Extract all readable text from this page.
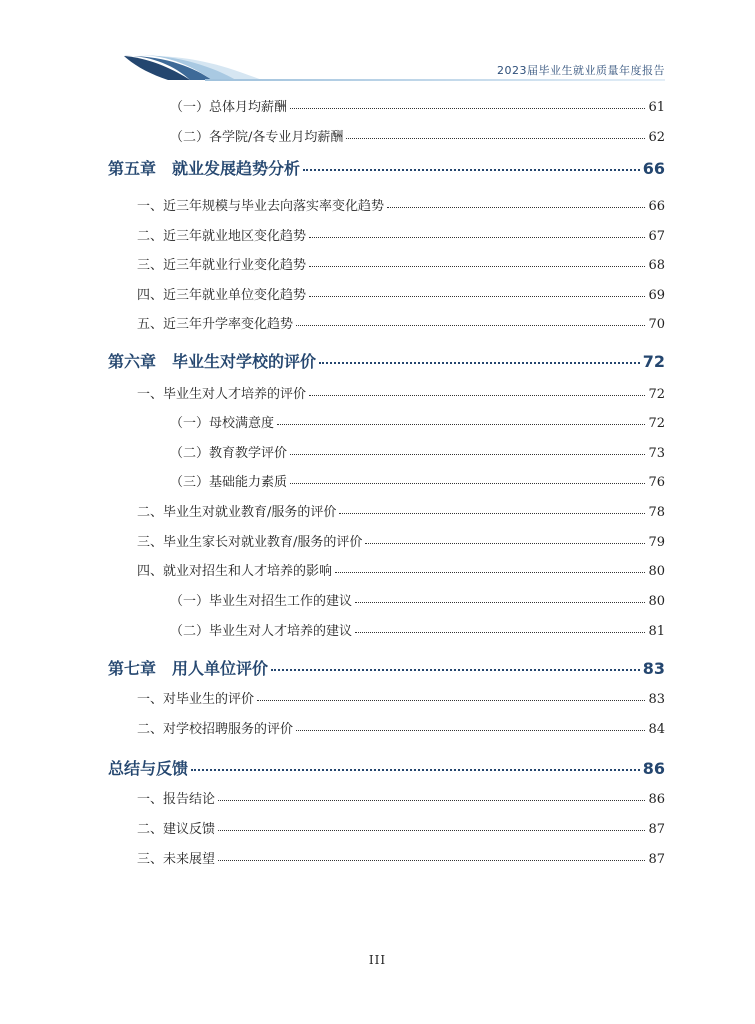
2023届毕业生就业质量年度报告
（一）总体月均薪酬	61
（二）各学院/各专业月均薪酬	62
第五章　就业发展趋势分析	66
一、近三年规模与毕业去向落实率变化趋势	66
二、近三年就业地区变化趋势	67
三、近三年就业行业变化趋势	68
四、近三年就业单位变化趋势	69
五、近三年升学率变化趋势	70
第六章　毕业生对学校的评价	72
一、毕业生对人才培养的评价	72
（一）母校满意度	72
（二）教育教学评价	73
（三）基础能力素质	76
二、毕业生对就业教育/服务的评价	78
三、毕业生家长对就业教育/服务的评价	79
四、就业对招生和人才培养的影响	80
（一）毕业生对招生工作的建议	80
（二）毕业生对人才培养的建议	81
第七章　用人单位评价	83
一、对毕业生的评价	83
二、对学校招聘服务的评价	84
总结与反馈	86
一、报告结论	86
二、建议反馈	87
三、未来展望	87
III
